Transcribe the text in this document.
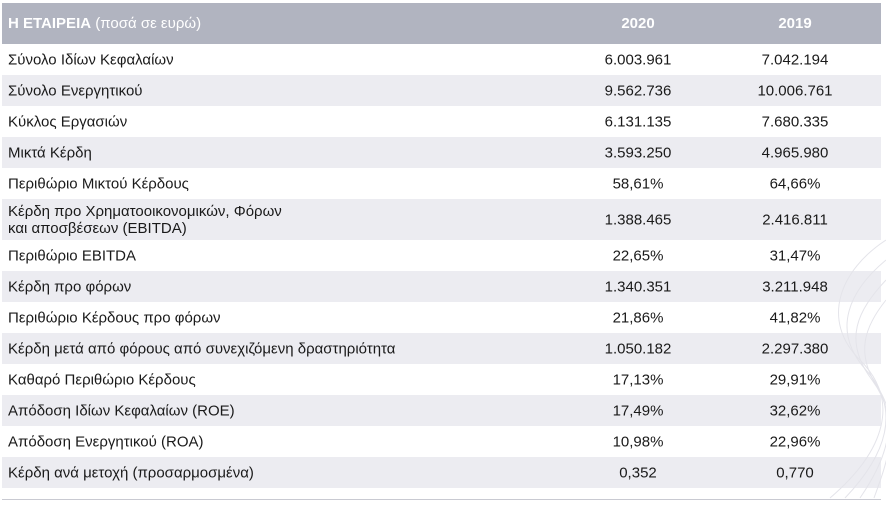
Η ΕΤΑΙΡΕΙΑ (ποσά σε ευρώ)	2020	2019
Σύνολο Ιδίων Κεφαλαίων	6.003.961	7.042.194
Σύνολο Ενεργητικού	9.562.736	10.006.761
Κύκλος Εργασιών	6.131.135	7.680.335
Μικτά Κέρδη	3.593.250	4.965.980
Περιθώριο Μικτού Κέρδους	58,61%	64,66%
Κέρδη προ Χρηματοοικονομικών, Φόρων
και αποσβέσεων (EBITDA)	1.388.465	2.416.811
Περιθώριο EBITDA	22,65%	31,47%
Κέρδη προ φόρων	1.340.351	3.211.948
Περιθώριο Κέρδους προ φόρων	21,86%	41,82%
Κέρδη μετά από φόρους από συνεχιζόμενη δραστηριότητα	1.050.182	2.297.380
Καθαρό Περιθώριο Κέρδους	17,13%	29,91%
Απόδοση Ιδίων Κεφαλαίων (ROE)	17,49%	32,62%
Απόδοση Ενεργητικού (ROA)	10,98%	22,96%
Κέρδη ανά μετοχή (προσαρμοσμένα)	0,352	0,770
